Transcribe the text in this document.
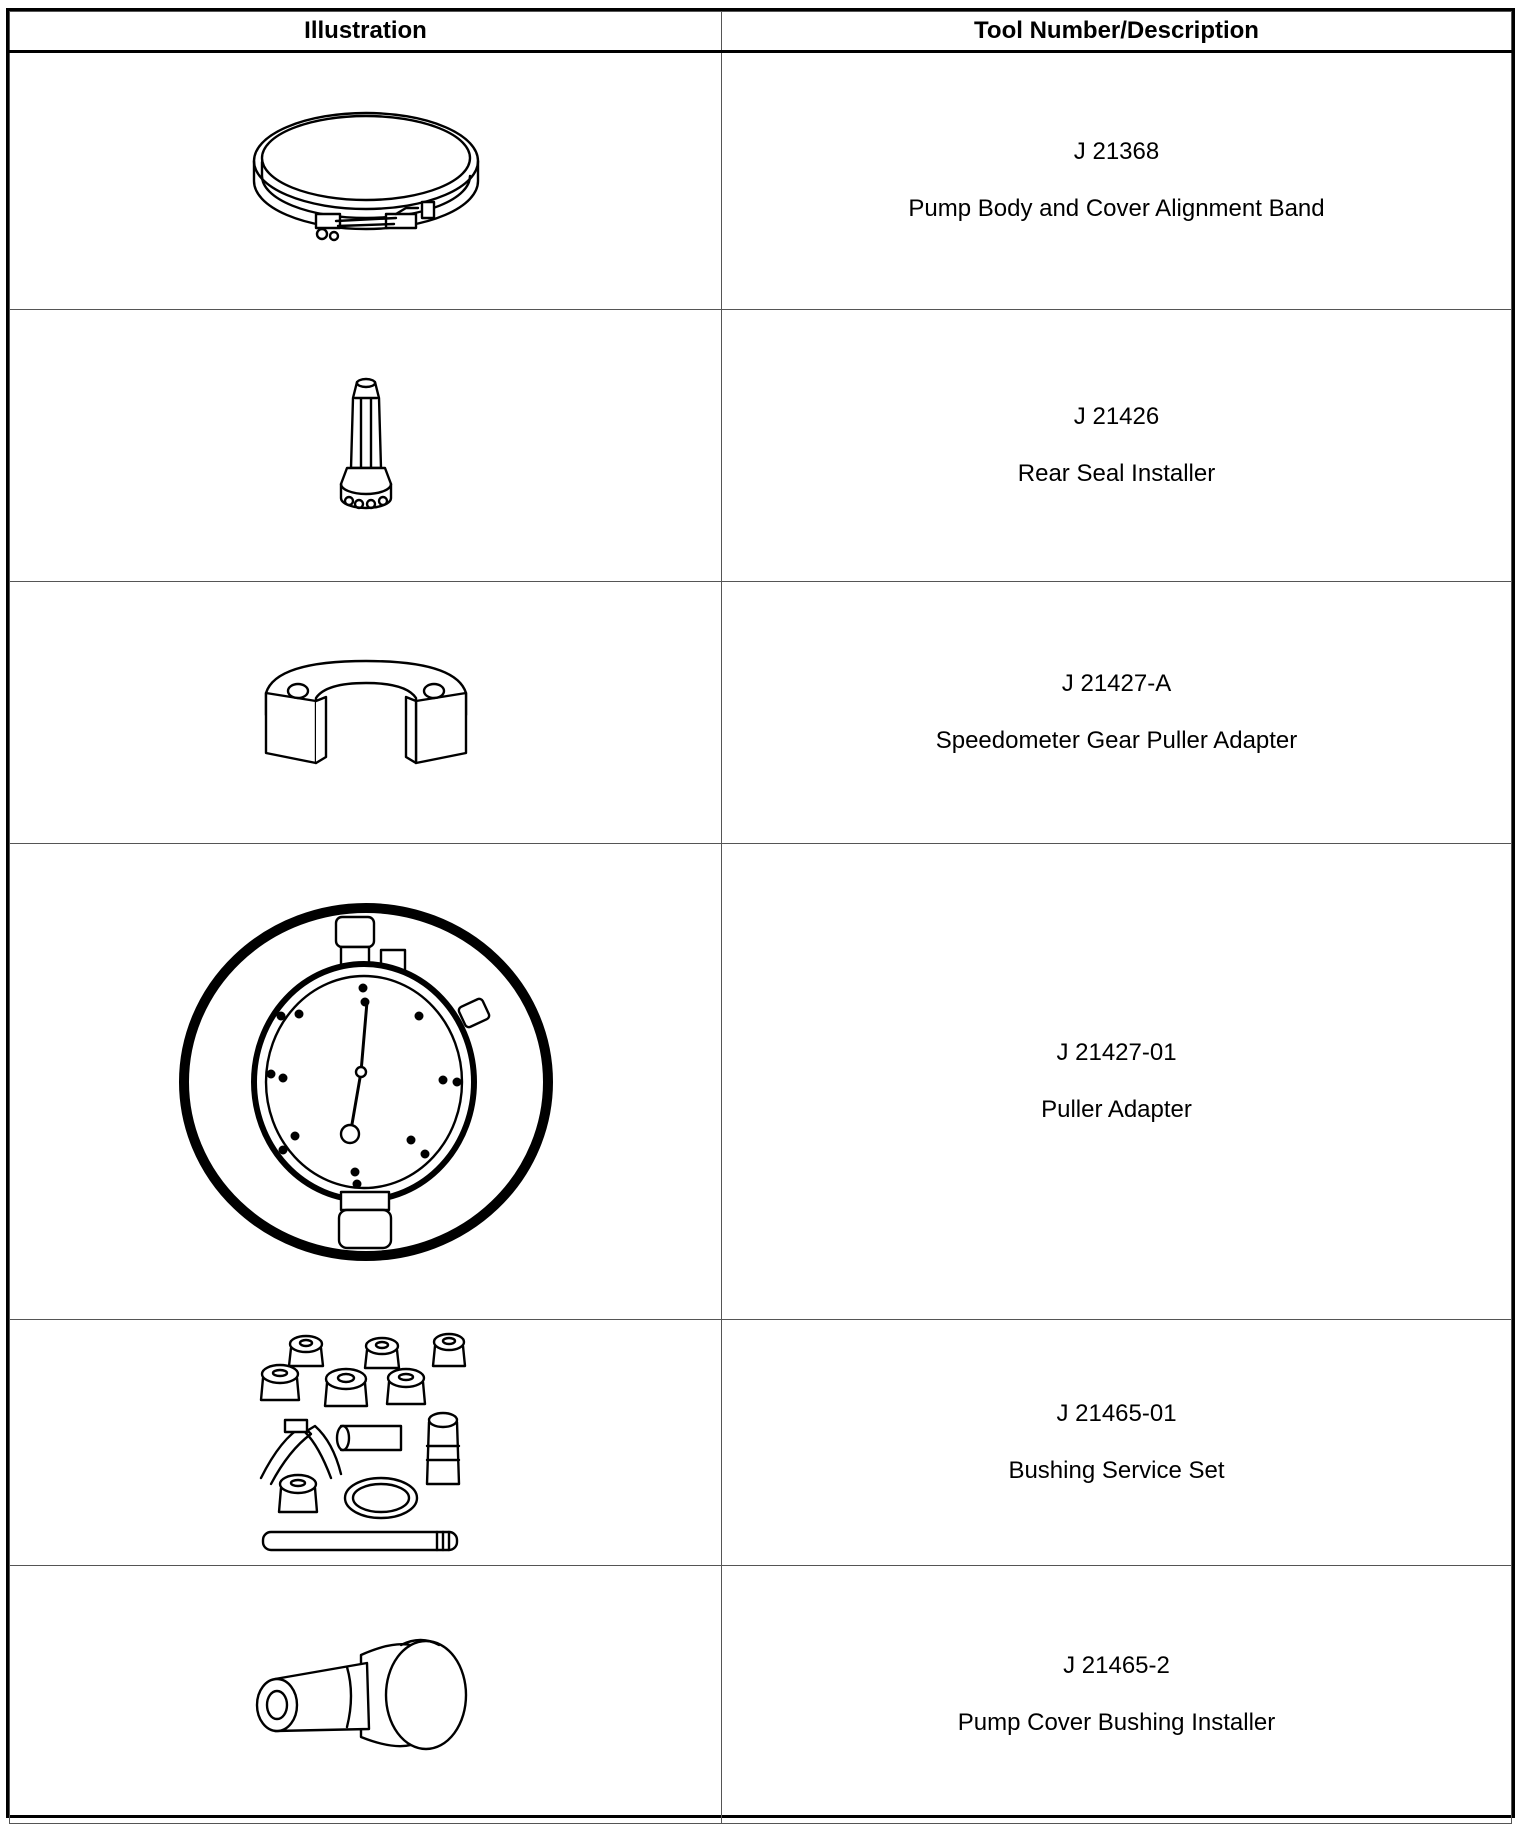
Illustration	Tool Number/Description

J 21368
Pump Body and Cover Alignment Band

J 21426
Rear Seal Installer

J 21427-A
Speedometer Gear Puller Adapter

J 21427-01
Puller Adapter

J 21465-01
Bushing Service Set

J 21465-2
Pump Cover Bushing Installer
